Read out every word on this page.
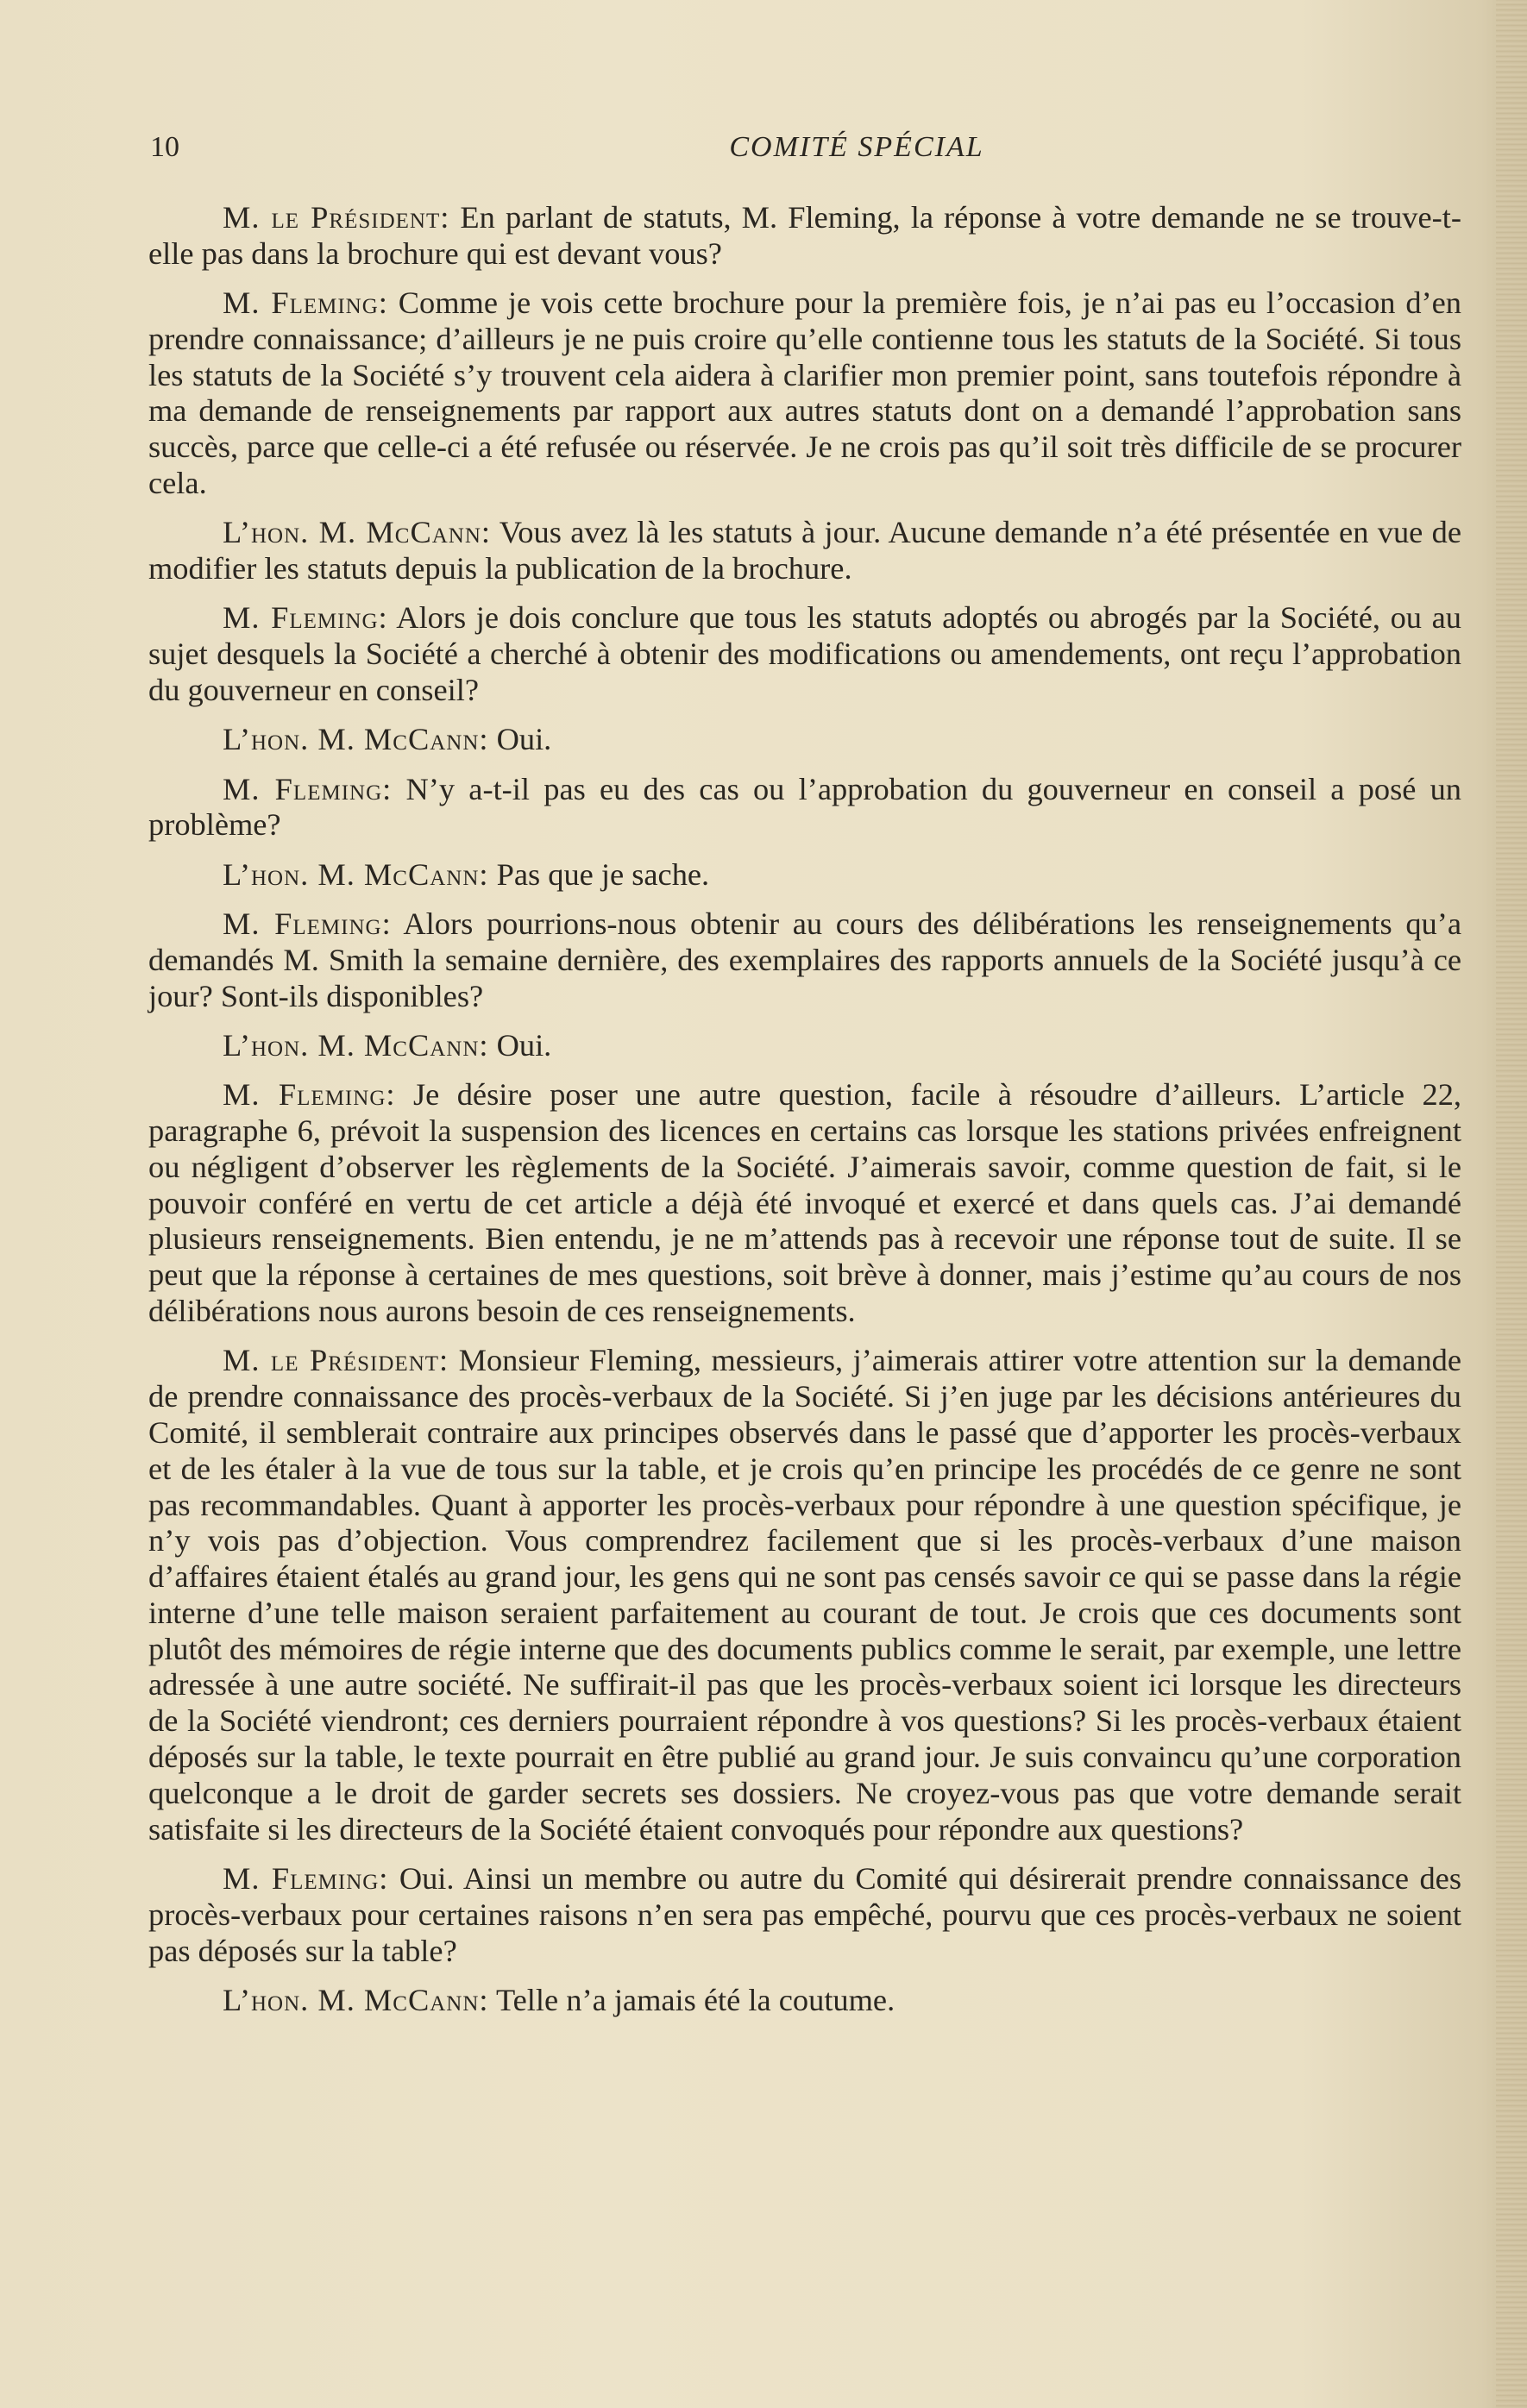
10	COMITÉ SPÉCIAL

M. le Président: En parlant de statuts, M. Fleming, la réponse à votre demande ne se trouve-t-elle pas dans la brochure qui est devant vous?

M. Fleming: Comme je vois cette brochure pour la première fois, je n’ai pas eu l’occasion d’en prendre connaissance; d’ailleurs je ne puis croire qu’elle contienne tous les statuts de la Société. Si tous les statuts de la Société s’y trouvent cela aidera à clarifier mon premier point, sans toutefois répondre à ma demande de renseignements par rapport aux autres statuts dont on a demandé l’approbation sans succès, parce que celle-ci a été refusée ou réservée. Je ne crois pas qu’il soit très difficile de se procurer cela.

L’hon. M. McCann: Vous avez là les statuts à jour. Aucune demande n’a été présentée en vue de modifier les statuts depuis la publication de la brochure.

M. Fleming: Alors je dois conclure que tous les statuts adoptés ou abrogés par la Société, ou au sujet desquels la Société a cherché à obtenir des modifications ou amendements, ont reçu l’approbation du gouverneur en conseil?

L’hon. M. McCann: Oui.

M. Fleming: N’y a-t-il pas eu des cas ou l’approbation du gouverneur en conseil a posé un problème?

L’hon. M. McCann: Pas que je sache.

M. Fleming: Alors pourrions-nous obtenir au cours des délibérations les renseignements qu’a demandés M. Smith la semaine dernière, des exemplaires des rapports annuels de la Société jusqu’à ce jour? Sont-ils disponibles?

L’hon. M. McCann: Oui.

M. Fleming: Je désire poser une autre question, facile à résoudre d’ailleurs. L’article 22, paragraphe 6, prévoit la suspension des licences en certains cas lorsque les stations privées enfreignent ou négligent d’observer les règlements de la Société. J’aimerais savoir, comme question de fait, si le pouvoir conféré en vertu de cet article a déjà été invoqué et exercé et dans quels cas. J’ai demandé plusieurs renseignements. Bien entendu, je ne m’attends pas à recevoir une réponse tout de suite. Il se peut que la réponse à certaines de mes questions, soit brève à donner, mais j’estime qu’au cours de nos délibérations nous aurons besoin de ces renseignements.

M. le Président: Monsieur Fleming, messieurs, j’aimerais attirer votre attention sur la demande de prendre connaissance des procès-verbaux de la Société. Si j’en juge par les décisions antérieures du Comité, il semblerait contraire aux principes observés dans le passé que d’apporter les procès-verbaux et de les étaler à la vue de tous sur la table, et je crois qu’en principe les procédés de ce genre ne sont pas recommandables. Quant à apporter les procès-verbaux pour répondre à une question spécifique, je n’y vois pas d’objection. Vous comprendrez facilement que si les procès-verbaux d’une maison d’affaires étaient étalés au grand jour, les gens qui ne sont pas censés savoir ce qui se passe dans la régie interne d’une telle maison seraient parfaitement au courant de tout. Je crois que ces documents sont plutôt des mémoires de régie interne que des documents publics comme le serait, par exemple, une lettre adressée à une autre société. Ne suffirait-il pas que les procès-verbaux soient ici lorsque les directeurs de la Société viendront; ces derniers pourraient répondre à vos questions? Si les procès-verbaux étaient déposés sur la table, le texte pourrait en être publié au grand jour. Je suis convaincu qu’une corporation quelconque a le droit de garder secrets ses dossiers. Ne croyez-vous pas que votre demande serait satisfaite si les directeurs de la Société étaient convoqués pour répondre aux questions?

M. Fleming: Oui. Ainsi un membre ou autre du Comité qui désirerait prendre connaissance des procès-verbaux pour certaines raisons n’en sera pas empêché, pourvu que ces procès-verbaux ne soient pas déposés sur la table?

L’hon. M. McCann: Telle n’a jamais été la coutume.
